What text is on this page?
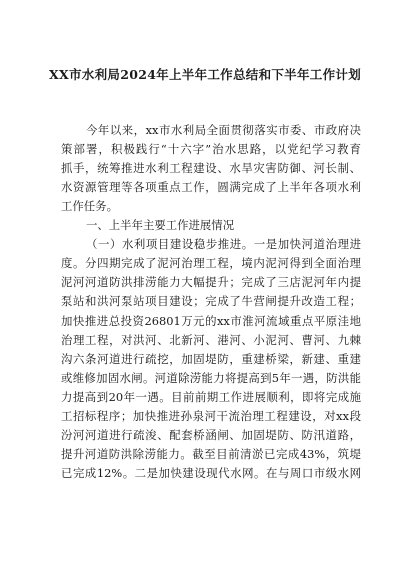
XX市水利局2024年上半年工作总结和下半年工作计划
今年以来，xx市水利局全面贯彻落实市委、市政府决
策部署，积极践行“十六字”治水思路，以党纪学习教育
抓手，统筹推进水利工程建设、水旱灾害防御、河长制、
水资源管理等各项重点工作，圆满完成了上半年各项水利
工作任务。
一、上半年主要工作进展情况
（一）水利项目建设稳步推进。一是加快河道治理进
度。分四期完成了泥河治理工程，境内泥河得到全面治理
泥河河道防洪排涝能力大幅提升；完成了三店泥河年内提
泵站和洪河泵站项目建设；完成了牛营闸提升改造工程；
加快推进总投资26801万元的xx市淮河流域重点平原洼地
治理工程，对洪河、北新河、港河、小泥河、曹河、九棘
沟六条河道进行疏挖，加固堤防，重建桥梁，新建、重建
或维修加固水闸。河道除涝能力将提高到5年一遇，防洪能
力提高到20年一遇。目前前期工作进展顺利，即将完成施
工招标程序；加快推进孙泉河干流治理工程建设，对xx段
汾河河道进行疏浚、配套桥涵闸、加固堤防、防汛道路，
提升河道防洪除涝能力。截至目前清淤已完成43%，筑堤
已完成12%。二是加快建设现代水网。在与周口市级水网
